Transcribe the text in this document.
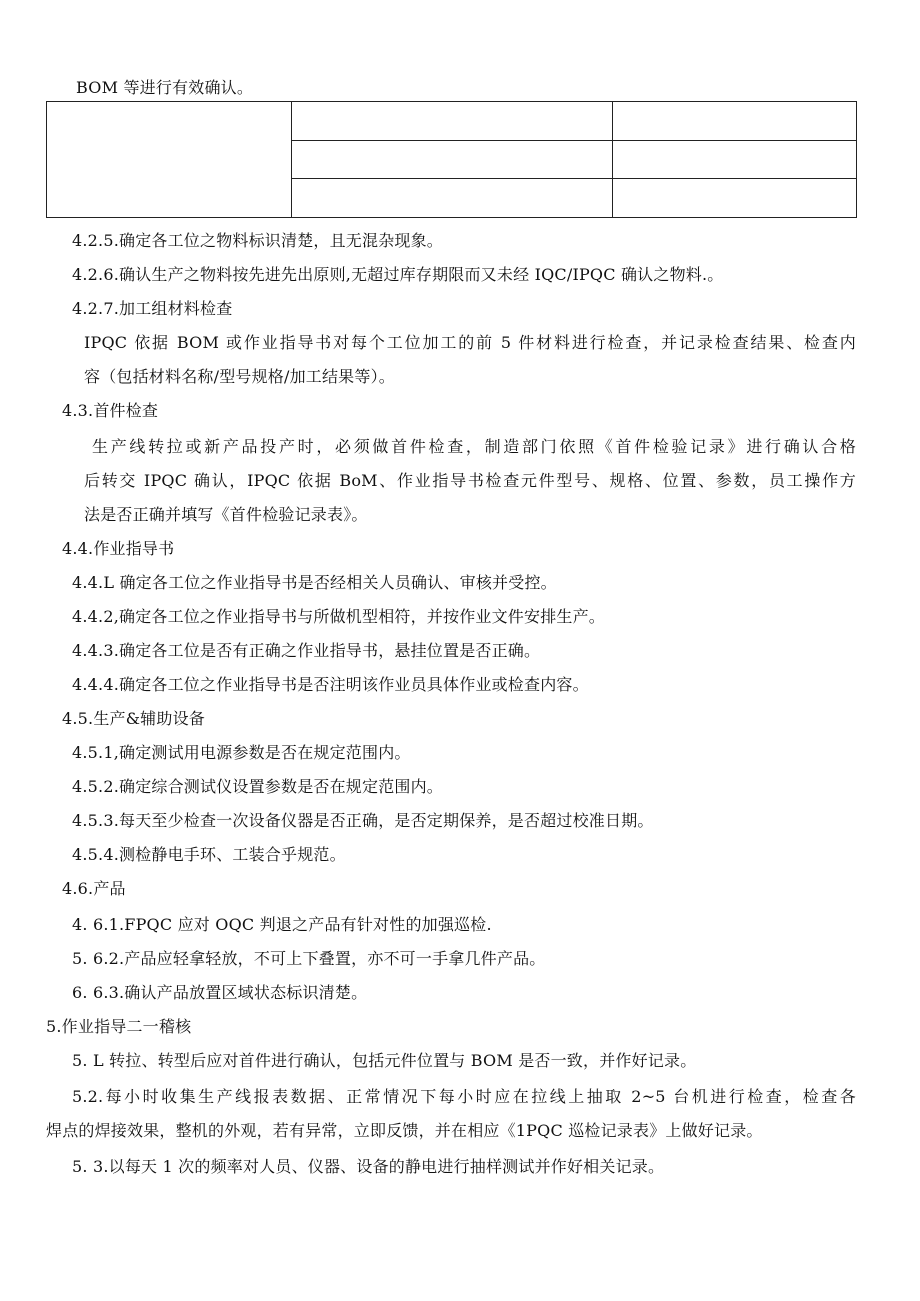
BOM 等进行有效确认。

4.2.5.确定各工位之物料标识清楚，且无混杂现象。
4.2.6.确认生产之物料按先进先出原则,无超过库存期限而又未经 IQC/IPQC 确认之物料.。
4.2.7.加工组材料检查
IPQC 依据 BOM 或作业指导书对每个工位加工的前 5 件材料进行检查，并记录检查结果、检查内
容（包括材料名称/型号规格/加工结果等）。
4.3.首件检查
生产线转拉或新产品投产时，必须做首件检查，制造部门依照《首件检验记录》进行确认合格
后转交 IPQC 确认，IPQC 依据 BoM、作业指导书检查元件型号、规格、位置、参数，员工操作方
法是否正确并填写《首件检验记录表》。
4.4.作业指导书
4.4.L 确定各工位之作业指导书是否经相关人员确认、审核并受控。
4.4.2,确定各工位之作业指导书与所做机型相符，并按作业文件安排生产。
4.4.3.确定各工位是否有正确之作业指导书，悬挂位置是否正确。
4.4.4.确定各工位之作业指导书是否注明该作业员具体作业或检查内容。
4.5.生产&辅助设备
4.5.1,确定测试用电源参数是否在规定范围内。
4.5.2.确定综合测试仪设置参数是否在规定范围内。
4.5.3.每天至少检查一次设备仪器是否正确，是否定期保养，是否超过校准日期。
4.5.4.测检静电手环、工装合乎规范。
4.6.产品
4. 6.1.FPQC 应对 OQC 判退之产品有针对性的加强巡检.
5. 6.2.产品应轻拿轻放，不可上下叠置，亦不可一手拿几件产品。
6. 6.3.确认产品放置区域状态标识清楚。
5.作业指导二一稽核
5. L 转拉、转型后应对首件进行确认，包括元件位置与 BOM 是否一致，并作好记录。
5.2.每小时收集生产线报表数据、正常情况下每小时应在拉线上抽取 2~5 台机进行检查，检查各
焊点的焊接效果，整机的外观，若有异常，立即反馈，并在相应《1PQC 巡检记录表》上做好记录。
5. 3.以每天 1 次的频率对人员、仪器、设备的静电进行抽样测试并作好相关记录。
